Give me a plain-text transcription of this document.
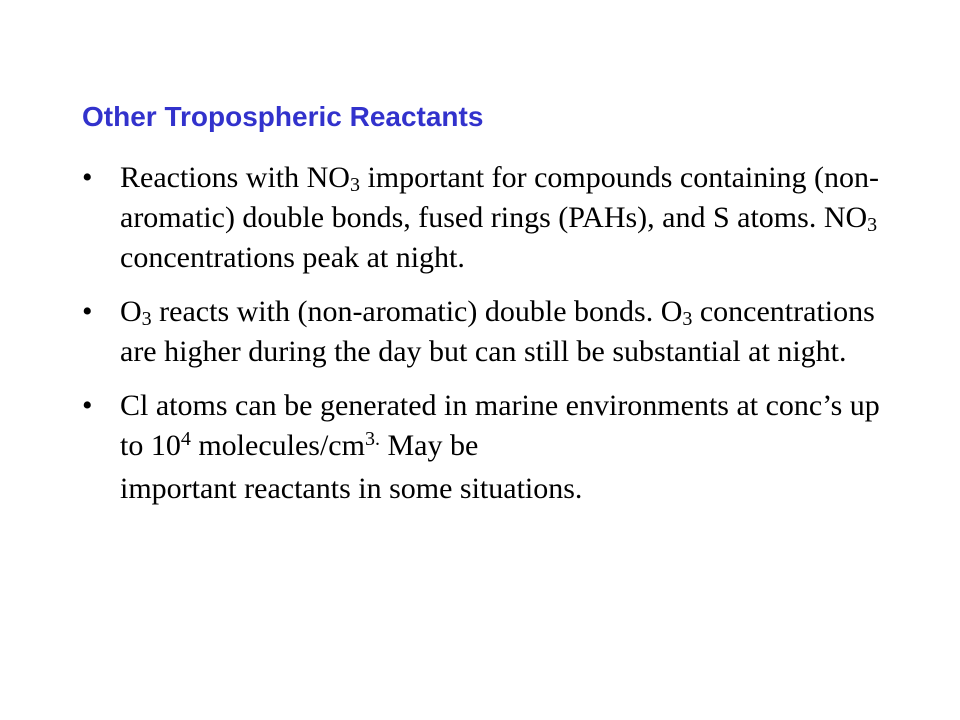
Other Tropospheric Reactants
• Reactions with $NO_3$ important for compounds containing (non-aromatic) double bonds, fused rings (PAHs), and S atoms. $NO_3$ concentrations peak at night.
• $O_3$ reacts with (non-aromatic) double bonds. $O_3$ concentrations are higher during the day but can still be substantial at night.
• Cl atoms can be generated in marine environments at conc’s up to $10^4$ molecules/$cm^{3.}$ May be
important reactants in some situations.
